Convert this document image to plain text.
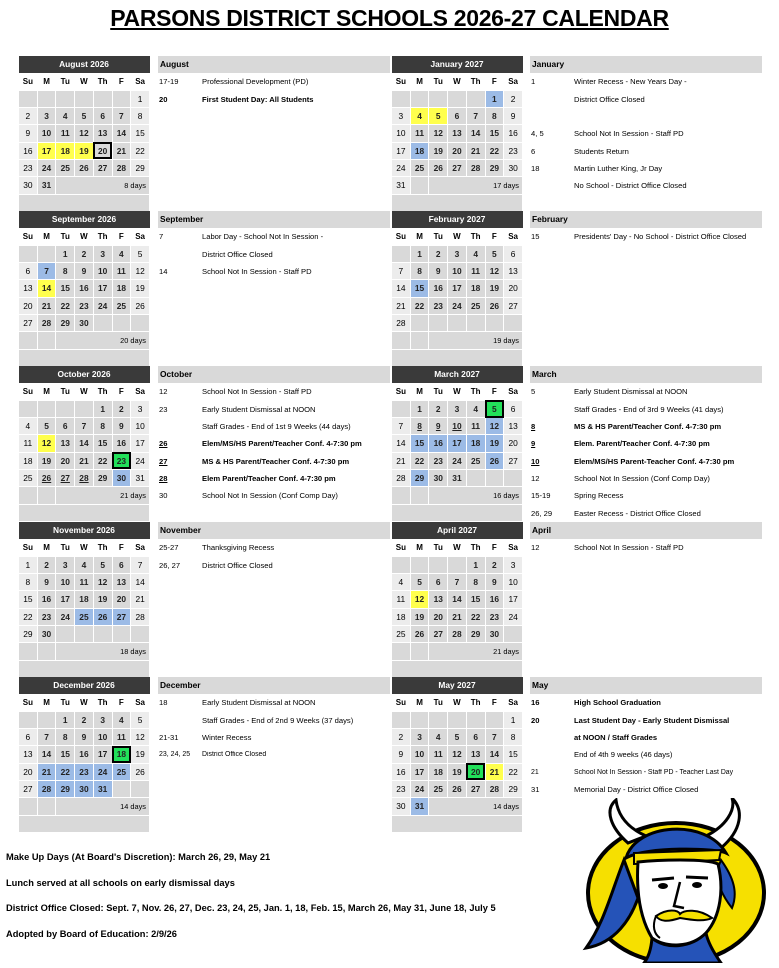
PARSONS DISTRICT SCHOOLS 2026-27 CALENDAR
August 2026						
Su	M	Tu	W	Th	F	Sa
						1
2	3	4	5	6	7	8
9	10	11	12	13	14	15
16	17	18	19	20	21	22
23	24	25	26	27	28	29
30	31	8 days				

January 2027						
Su	M	Tu	W	Th	F	Sa
					1	2
3	4	5	6	7	8	9
10	11	12	13	14	15	16
17	18	19	20	21	22	23
24	25	26	27	28	29	30
31		17 days				

September 2026						
Su	M	Tu	W	Th	F	Sa
		1	2	3	4	5
6	7	8	9	10	11	12
13	14	15	16	17	18	19
20	21	22	23	24	25	26
27	28	29	30			
		20 days				

February 2027						
Su	M	Tu	W	Th	F	Sa
	1	2	3	4	5	6
7	8	9	10	11	12	13
14	15	16	17	18	19	20
21	22	23	24	25	26	27
28						
		19 days				

October 2026						
Su	M	Tu	W	Th	F	Sa
				1	2	3
4	5	6	7	8	9	10
11	12	13	14	15	16	17
18	19	20	21	22	23	24
25	26	27	28	29	30	31
		21 days				

March 2027						
Su	M	Tu	W	Th	F	Sa
	1	2	3	4	5	6
7	8	9	10	11	12	13
14	15	16	17	18	19	20
21	22	23	24	25	26	27
28	29	30	31			
		16 days				

November 2026						
Su	M	Tu	W	Th	F	Sa
1	2	3	4	5	6	7
8	9	10	11	12	13	14
15	16	17	18	19	20	21
22	23	24	25	26	27	28
29	30					
		18 days				

April 2027						
Su	M	Tu	W	Th	F	Sa
				1	2	3
4	5	6	7	8	9	10
11	12	13	14	15	16	17
18	19	20	21	22	23	24
25	26	27	28	29	30	
		21 days				

December 2026						
Su	M	Tu	W	Th	F	Sa
		1	2	3	4	5
6	7	8	9	10	11	12
13	14	15	16	17	18	19
20	21	22	23	24	25	26
27	28	29	30	31		
		14 days				

May 2027						
Su	M	Tu	W	Th	F	Sa
						1
2	3	4	5	6	7	8
9	10	11	12	13	14	15
16	17	18	19	20	21	22
23	24	25	26	27	28	29
30	31	14 days				

August
17-19	Professional Development (PD)
20	First Student Day: All Students
January
1	Winter Recess - New Years Day -
District Office Closed
4, 5	School Not In Session - Staff PD
6	Students Return
18	Martin Luther King, Jr Day
No School - District Office Closed
September
7	Labor Day - School Not In Session -
District Office Closed
14	School Not In Session - Staff PD
February
15	Presidents' Day - No School - District Office Closed
October
12	School Not In Session - Staff PD
23	Early Student Dismissal at NOON
Staff Grades - End of 1st 9 Weeks (44 days)
26	Elem/MS/HS Parent/Teacher Conf. 4-7:30 pm
27	MS & HS Parent/Teacher Conf. 4-7:30 pm
28	Elem Parent/Teacher Conf. 4-7:30 pm
30	School Not In Session (Conf Comp Day)
March
5	Early Student Dismissal at NOON
Staff Grades - End of 3rd 9 Weeks (41 days)
8	MS & HS Parent/Teacher Conf. 4-7:30 pm
9	Elem. Parent/Teacher Conf. 4-7:30 pm
10	Elem/MS/HS Parent-Teacher Conf. 4-7:30 pm
12	School Not In Session (Conf Comp Day)
15-19	Spring Recess
26, 29	Easter Recess - District Office Closed
November
25-27	Thanksgiving Recess
26, 27	District Office Closed
April
12	School Not In Session - Staff PD
December
18	Early Student Dismissal at NOON
Staff Grades - End of 2nd 9 Weeks (37 days)
21-31	Winter Recess
23, 24, 25	District Office Closed
May
16	High School Graduation
20	Last Student Day - Early Student Dismissal
at NOON / Staff Grades
End of 4th 9 weeks (46 days)
21	School Not In Session - Staff PD - Teacher Last Day
31	Memorial Day - District Office Closed
Make Up Days (At Board's Discretion): March 26, 29, May 21
Lunch served at all schools on early dismissal days
District Office Closed: Sept. 7, Nov. 26, 27, Dec. 23, 24, 25, Jan. 1, 18, Feb. 15, March 26, May 31, June 18, July 5
Adopted by Board of Education: 2/9/26
